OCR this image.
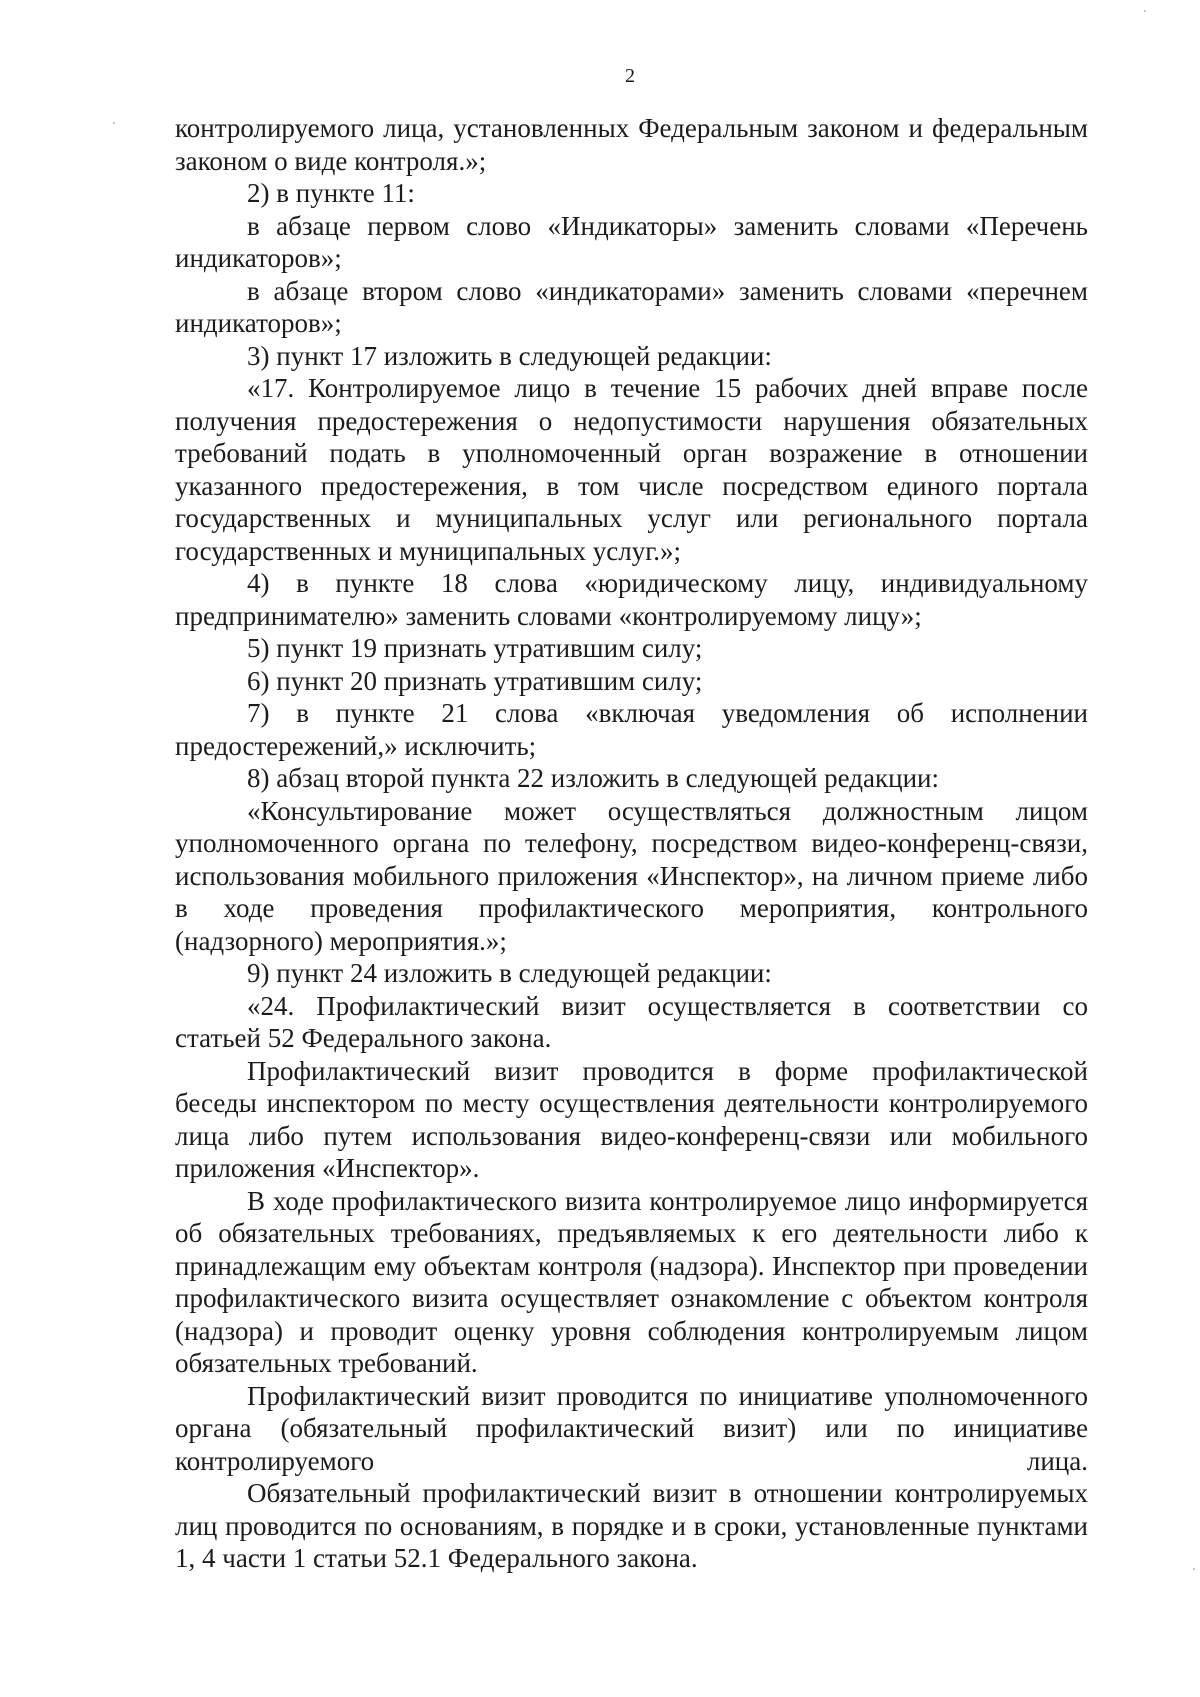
2

контролируемого лица, установленных Федеральным законом и федеральным законом о виде контроля.»;

2) в пункте 11:

в абзаце первом слово «Индикаторы» заменить словами «Перечень индикаторов»;

в абзаце втором слово «индикаторами» заменить словами «перечнем индикаторов»;

3) пункт 17 изложить в следующей редакции:

«17. Контролируемое лицо в течение 15 рабочих дней вправе после получения предостережения о недопустимости нарушения обязательных требований подать в уполномоченный орган возражение в отношении указанного предостережения, в том числе посредством единого портала государственных и муниципальных услуг или регионального портала государственных и муниципальных услуг.»;

4) в пункте 18 слова «юридическому лицу, индивидуальному предпринимателю» заменить словами «контролируемому лицу»;

5) пункт 19 признать утратившим силу;

6) пункт 20 признать утратившим силу;

7) в пункте 21 слова «включая уведомления об исполнении предостережений,» исключить;

8) абзац второй пункта 22 изложить в следующей редакции:

«Консультирование может осуществляться должностным лицом уполномоченного органа по телефону, посредством видео-конференц-связи, использования мобильного приложения «Инспектор», на личном приеме либо в ходе проведения профилактического мероприятия, контрольного (надзорного) мероприятия.»;

9) пункт 24 изложить в следующей редакции:

«24. Профилактический визит осуществляется в соответствии со статьей 52 Федерального закона.

Профилактический визит проводится в форме профилактической беседы инспектором по месту осуществления деятельности контролируемого лица либо путем использования видео-конференц-связи или мобильного приложения «Инспектор».

В ходе профилактического визита контролируемое лицо информируется об обязательных требованиях, предъявляемых к его деятельности либо к принадлежащим ему объектам контроля (надзора). Инспектор при проведении профилактического визита осуществляет ознакомление с объектом контроля (надзора) и проводит оценку уровня соблюдения контролируемым лицом обязательных требований.

Профилактический визит проводится по инициативе уполномоченного органа (обязательный профилактический визит) или по инициативе контролируемого лица.

Обязательный профилактический визит в отношении контролируемых лиц проводится по основаниям, в порядке и в сроки, установленные пунктами 1, 4 части 1 статьи 52.1 Федерального закона.
